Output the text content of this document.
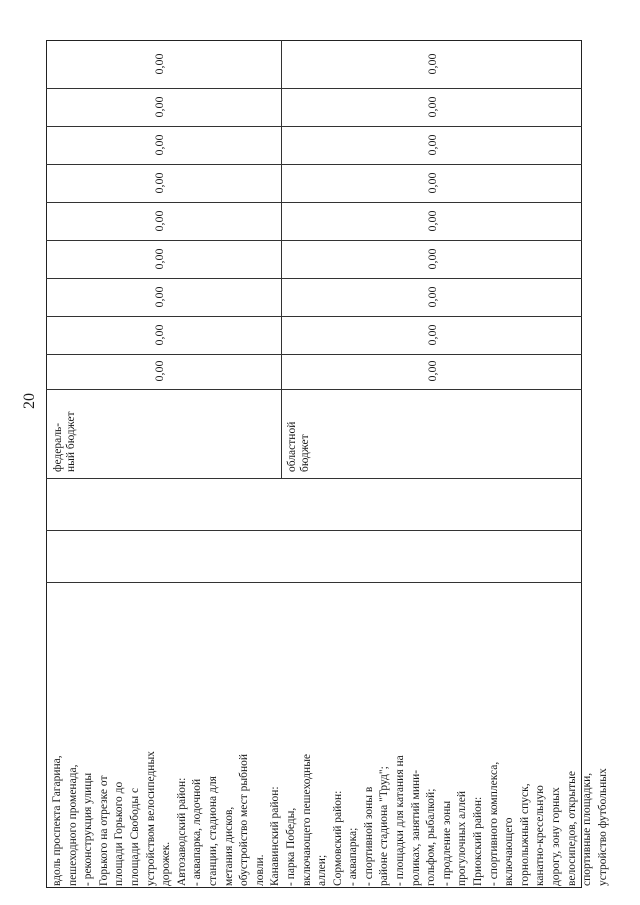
20
0,00
0,00
0,00
0,00
0,00
0,00
0,00
0,00
0,00
0,00
0,00
0,00
0,00
0,00
0,00
0,00
0,00
0,00
федераль- ный бюджет	областной бюджет
вдоль проспекта Гагарина, пешеходного променада, - реконструкция улицы Горького на отрезке от площади Горького до площади Свободы с устройством велосипедных дорожек. Автозаводский район: - аквапарка, лодочной станции, стадиона для метания дисков, обустройство мест рыбной ловли. Канавинский район: - парка Победы, включающего пешеходные аллеи; Сормовский район: - аквапарка; - спортивной зоны в районе стадиона "Труд"; - площадки для катания на роликах, занятий мини- гольфом, рыбалкой; - продление зоны прогулочных аллей Приокский район: - спортивного комплекса, включающего горнолыжный спуск, канатно-кресельную дорогу, зону горных велосипедов, открытые спортивные площадки, устройство футбольных
